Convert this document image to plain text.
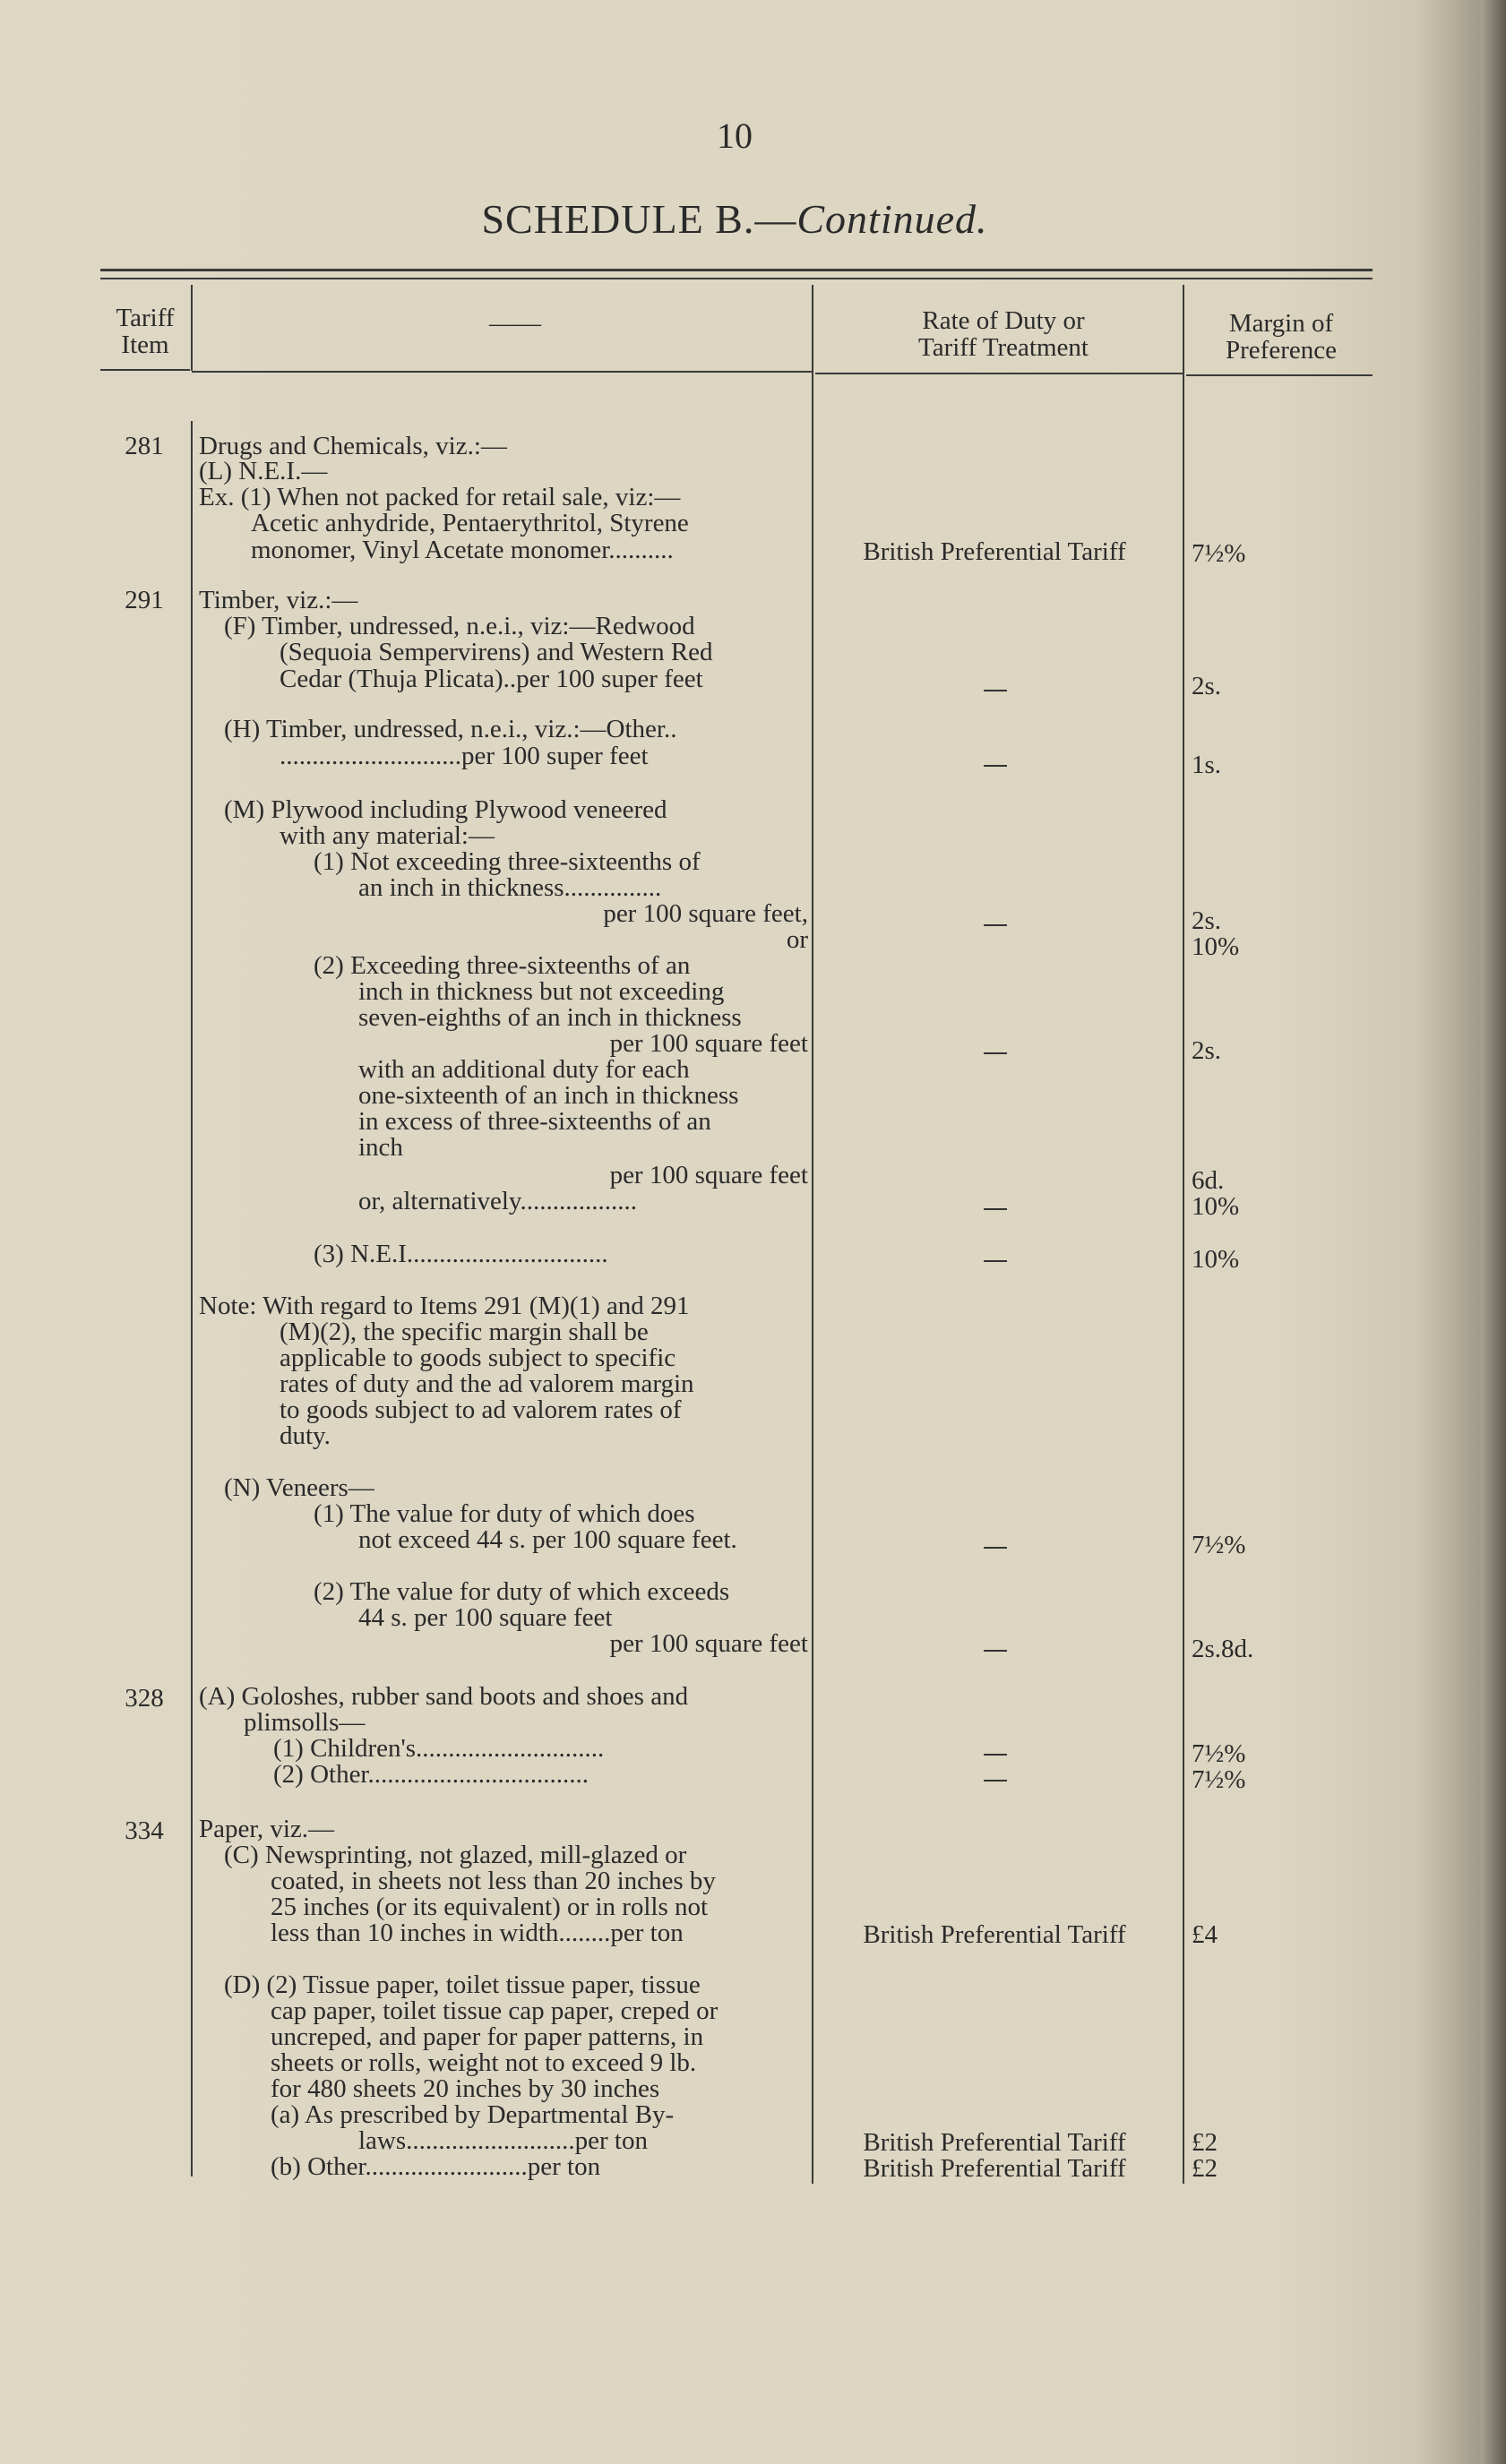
10
SCHEDULE B.—Continued.
Tariff
Item
——	Rate of Duty or
Tariff Treatment
Margin of
Preference
281
291
328
334
Drugs and Chemicals, viz.:—
(L) N.E.I.—
Ex. (1) When not packed for retail sale, viz:—
Acetic anhydride, Pentaerythritol, Styrene
monomer, Vinyl Acetate monomer..........
Timber, viz.:—
(F) Timber, undressed, n.e.i., viz:—Redwood
(Sequoia Sempervirens) and Western Red
Cedar (Thuja Plicata)..per 100 super feet
(H) Timber, undressed, n.e.i., viz.:—Other..
............................per 100 super feet
(M) Plywood including Plywood veneered
with any material:—
(1) Not exceeding three-sixteenths of
an inch in thickness...............
per 100 square feet,
or
(2) Exceeding three-sixteenths of an
inch in thickness but not exceeding
seven-eighths of an inch in thickness
per 100 square feet
with an additional duty for each
one-sixteenth of an inch in thickness
in excess of three-sixteenths of an
inch
per 100 square feet
or, alternatively..................
(3) N.E.I...............................
Note: With regard to Items 291 (M)(1) and 291
(M)(2), the specific margin shall be
applicable to goods subject to specific
rates of duty and the ad valorem margin
to goods subject to ad valorem rates of
duty.
(N) Veneers—
(1) The value for duty of which does
not exceed 44 s. per 100 square feet.
(2) The value for duty of which exceeds
44 s. per 100 square feet
per 100 square feet
(A) Goloshes, rubber sand boots and shoes and
plimsolls—
(1) Children's.............................
(2) Other..................................
Paper, viz.—
(C) Newsprinting, not glazed, mill-glazed or
coated, in sheets not less than 20 inches by
25 inches (or its equivalent) or in rolls not
less than 10 inches in width........per ton
(D) (2) Tissue paper, toilet tissue paper, tissue
cap paper, toilet tissue cap paper, creped or
uncreped, and paper for paper patterns, in
sheets or rolls, weight not to exceed 9 lb.
for 480 sheets 20 inches by 30 inches
(a) As prescribed by Departmental By-
laws..........................per ton
(b) Other.........................per ton
British Preferential Tariff
British Preferential Tariff
British Preferential Tariff
British Preferential Tariff
7½%
2s.
1s.
2s.
10%
2s.
6d.
10%
10%
7½%
2s.8d.
7½%
7½%
£4
£2
£2
